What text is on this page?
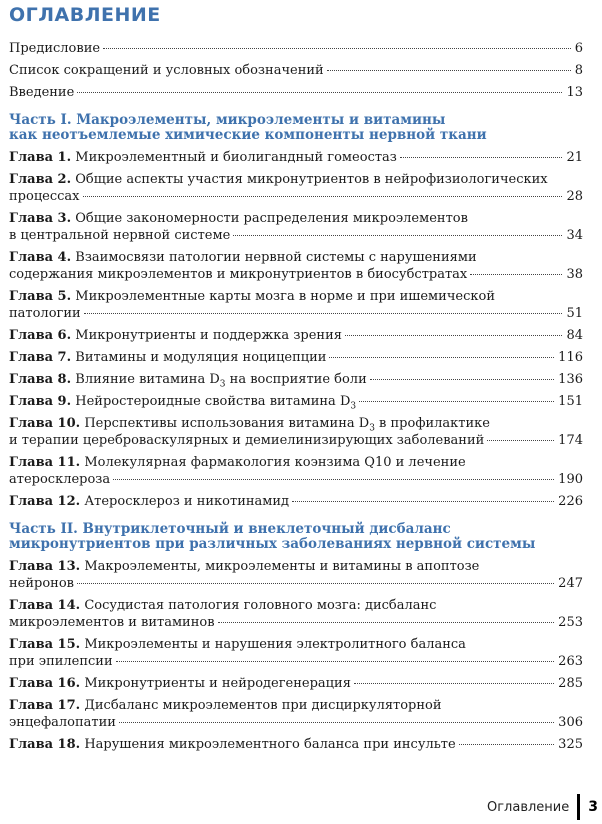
ОГЛАВЛЕНИЕ
Предисловие	6
Список сокращений и условных обозначений	8
Введение	13
Часть I. Макроэлементы, микроэлементы и витамины
как неотъемлемые химические компоненты нервной ткани
Глава 1. Микроэлементный и биолигандный гомеостаз	21
Глава 2. Общие аспекты участия микронутриентов в нейрофизиологических
процессах	28
Глава 3. Общие закономерности распределения микроэлементов
в центральной нервной системе	34
Глава 4. Взаимосвязи патологии нервной системы с нарушениями
содержания микроэлементов и микронутриентов в биосубстратах	38
Глава 5. Микроэлементные карты мозга в норме и при ишемической
патологии	51
Глава 6. Микронутриенты и поддержка зрения	84
Глава 7. Витамины и модуляция ноцицепции	116
Глава 8. Влияние витамина $D_3$ на восприятие боли	136
Глава 9. Нейростероидные свойства витамина $D_3$	151
Глава 10. Перспективы использования витамина $D_3$ в профилактике
и терапии цереброваскулярных и демиелинизирующих заболеваний	174
Глава 11. Молекулярная фармакология коэнзима Q10 и лечение
атеросклероза	190
Глава 12. Атеросклероз и никотинамид	226
Часть II. Внутриклеточный и внеклеточный дисбаланс
микронутриентов при различных заболеваниях нервной системы
Глава 13. Макроэлементы, микроэлементы и витамины в апоптозе
нейронов	247
Глава 14. Сосудистая патология головного мозга: дисбаланс
микроэлементов и витаминов	253
Глава 15. Микроэлементы и нарушения электролитного баланса
при эпилепсии	263
Глава 16. Микронутриенты и нейродегенерация	285
Глава 17. Дисбаланс микроэлементов при дисциркуляторной
энцефалопатии	306
Глава 18. Нарушения микроэлементного баланса при инсульте	325
Оглавление	3
